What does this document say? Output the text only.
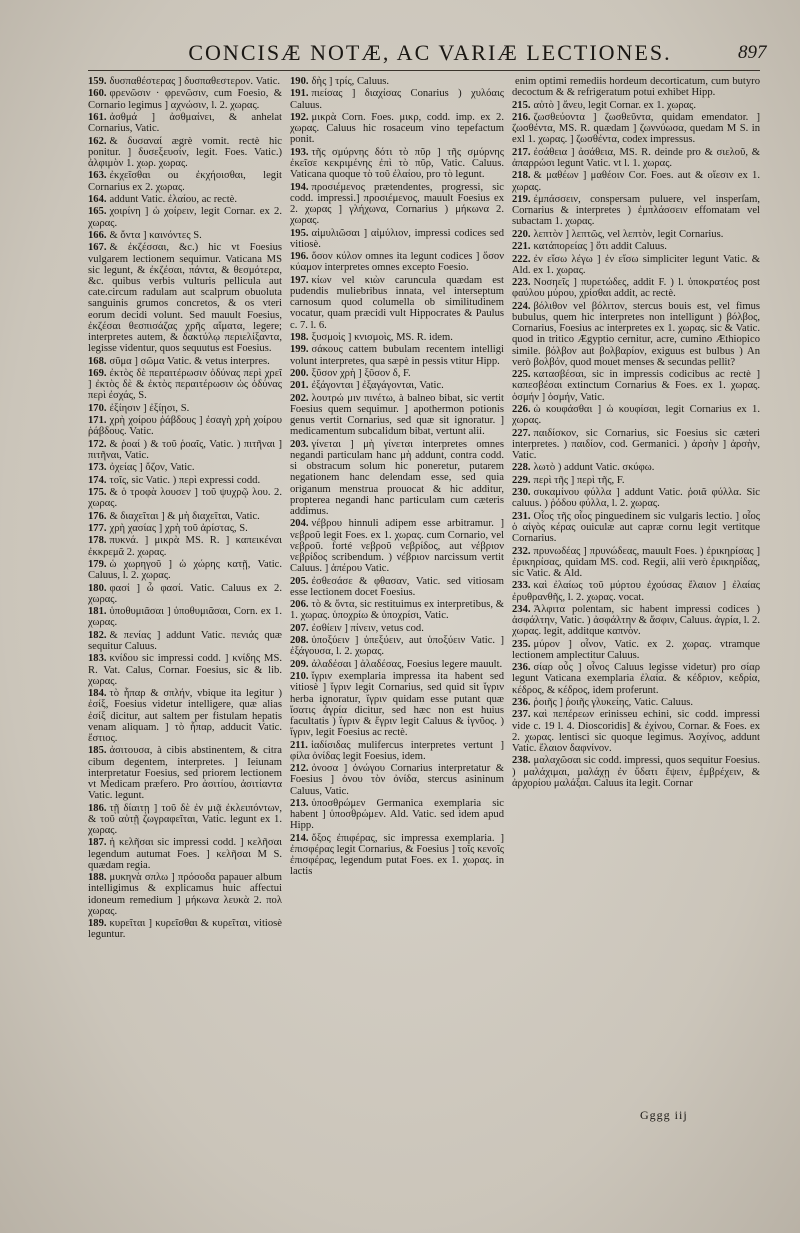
CONCISÆ NOTÆ, AC VARIÆ LECTIONES.	897

159. δυσπαθέστερας ] δυσπαθεστερον. Vatic.

160. φρενῶσιν · φρενῶσιν, cum Foesio, & Cornario legimus ] αχνώσιν, l. 2. χωρας.

161. ἀσθμά ] ἀσθμαίνει, & anhelat Cornarius, Vatic.

162. & δυσαναί ægrè vomit. rectè hic ponitur. ] δυσεξευσίν, legit. Foes. Vatic.) ἀλφιμὸν 1. χωρ. χωρας.

163. ἐκχεῖσθαι ou ἐκχήοισθαι, legit Cornarius ex 2. χωρας.

164. addunt Vatic. ἐλαίου, ac rectè.

165. χοιρίνη ] ὡ χοίρειν, legit Cornar. ex 2. χωρας.

166. & ὄντα ] καινόντες S.

167. & ἐκζέσσαι, &c.) hic vt Foesius vulgarem lectionem sequimur. Vaticana MS sic legunt, & ἐκζέσαι, πάντα, & θεσμότερα, &c. quibus verbis vulturis pellicula aut cate.circum radulam aut scalprum obuoluta sanguinis grumos concretos, & os vteri eorum decidi volunt. Sed mauult Foesius, ἐκζέσαι θεσπισάζας χρῆς αἴματα, legere; interpretes autem, & δακτύλῳ περιελίξαντα, legisse videntur, quos sequutus est Foesius.

168. σῦμα ] σῶμα Vatic. & vetus interpres.

169. ἐκτὸς δὲ περαιτέρωσιν ὀδύνας περὶ χρεῖ ] ἐκτὸς δὲ & ἐκτὸς περαιτέρωσιν ὡς ὀδύνας περὶ ἐσχάς, S.

170. ἐξίησιν ] ἐξίῃσι, S.

171. χρὴ χοίρου ῥάβδους ] ἐσαγὴ χρὴ χοίρου ῥάβδους. Vatic.

172. & ῥοαί ) & τοῦ ῥοαῖς, Vatic. ) πιτῆναι ] πιτῆναι, Vatic.

173. ὀχείας ] ὄζον, Vatic.

174. τοῖς, sic Vatic. ) περὶ expressi codd.

175. & ὁ τροφὰ λουσεν ] τοῦ ψυχρῷ λου. 2. χωρας.

176. & διαχεῖται ] & μὴ διαχεῖται, Vatic.

177. χρὴ χασίας ] χρὴ τοῦ ἀρίστας, S.

178. πυκνά. ] μικρὰ MS. R. ] καπεικέναι ἐκκρεμᾶ 2. χωρας.

179. ὡ χωρηγοῦ ] ὡ χώρης κατῇ, Vatic. Caluus, l. 2. χωρας.

180. φασί ] ὦ φασί. Vatic. Caluus ex 2. χωρας.

181. ὑποθυμιᾶσαι ] ὑποθυμιᾶσαι, Corn. ex 1. χωρας.

182. & πενίας ] addunt Vatic. πενιάς quæ sequitur Caluus.

183. κνίδου sic impressi codd. ] κνίδης MS. R. Vat. Calus, Cornar. Foesius, sic & lib. χωρας.

184. τὸ ἧπαρ & σπλήν, vbique ita legitur ) ἐσίξ, Foesius videtur intelligere, quæ alias ἐσίξ dicitur, aut saltem per fistulam hepatis venam aliquam. ] τὸ ἧπαρ, adducit Vatic. ἔστιος.

185. ἀσιτουσα, à cibis abstinentem, & citra cibum degentem, interpretes. ] Ieiunam interpretatur Foesius, sed priorem lectionem vt Medicam præfero. Pro ἀσιτίου, ἀσιτίαντα Vatic. legunt.

186. τῇ δίαιτῃ ] τοῦ δὲ ἐν μιᾷ ἐκλειπόντων, & τοῦ αὐτῇ ζωγραφεῖται, Vatic. legunt ex 1. χωρας.

187. ἡ κελῆσαι sic impressi codd. ] κελῆσαι legendum autumat Foes. ] κελῆσαι M S. quædam regia.

188. μυκηνὰ σπλω ] πρόσοδα papauer album intelligimus & explicamus huic affectui idoneum remedium ] μήκωνα λευκὰ 2. πολ χωρας.

189. κυρεῖται ] κυρεῖσθαι & κυρεῖται, vitiosè leguntur.

190. δὴς ] τρίς, Caluus.

191. πιείσας ] διαχίσας Conarius ) χυλόαις Caluus.

192. μικρὰ Corn. Foes. μικρ, codd. imp. ex 2. χωρας. Caluus hic rosaceum vino tepefactum ponit.

193. τῆς σμύρνης δότι τὸ πῦρ ] τῆς σμύρνης ἐκεῖσε κεκριμένης ἐπὶ τὸ πῦρ, Vatic. Caluus. Vaticana quoque τὸ τοῦ ἐλαίου, pro τὸ legunt.

194. προσιέμενος prætendentes, progressi, sic codd. impressi.] προσιέμενος, mauult Foesius ex 2. χωρας ] γλήχωνα, Cornarius ) μήκωνα 2. χωρας.

195. αἰμυλιῶσαι ] αἰμύλιον, impressi codices sed vitiosè.

196. ὅσον κύλον omnes ita legunt codices ] ὅσον κύαμον interpretes omnes excepto Foesio.

197. κίων vel κιὼν caruncula quædam est pudendis muliebribus innata, vel interseptum carnosum quod columella ob similitudinem vocatur, quam præcidi vult Hippocrates & Paulus c. 7. l. 6.

198. ξυσμοὶς ] κνισμοὶς, MS. R. idem.

199. σάκους cattem bubulam recentem intelligi volunt interpretes, qua sæpè in pessis vtitur Hipp.

200. ξῦσον χρὴ ] ξῦσον δ, F.

201. ἐξάγονται ] ἐξαγάγονται, Vatic.

202. λουτρώ μιν πινέτω, à balneo bibat, sic vertit Foesius quem sequimur. ] apothermon potionis genus vertit Cornarius, sed quæ sit ignoratur. ] medicamentum subcalidum bibat, vertunt alii.

203. γίνεται ] μὴ γίνεται interpretes omnes negandi particulam hanc μὴ addunt, contra codd. si obstracum solum hic poneretur, putarem negationem hanc delendam esse, sed quia origanum menstrua prouocat & hic additur, propterea negandi hanc particulam cum cæteris addimus.

204. νέβρου hinnuli adipem esse arbitramur. ] νεβροῦ legit Foes. ex 1. χωρας. cum Cornario, vel νεβροῦ. forté νεβροῦ νεβρίδος, aut νέβριον νεβρίδος scribendum. ) νέβριον narcissum vertit Caluus. ] ἀπέρου Vatic.

205. ἐσθεσάσε & φθασαν, Vatic. sed vitiosam esse lectionem docet Foesius.

206. τὸ & ὄντα, sic restituimus ex interpretibus, & 1. χωρας. ὑποχρίω & ὑποχρίσι, Vatic.

207. ἐσθίειν ] πίνειν, vetus cod.

208. ὑποξύειν ] ὑπεξύειν, aut ὑποξύειν Vatic. ] ἐξάγουσα, l. 2. χωρας.

209. ἀλαδέσαι ] ἀλαδέσας, Foesius legere mauult.

210. ἴγριν exemplaria impressa ita habent sed vitiosè ] ἴγριν legit Cornarius, sed quid sit ἴγριν herba ignoratur, ἴγριν quidam esse putant quæ ἴσατις ἀγρία dicitur, sed hæc non est huius facultatis ) ἴγριν & ἔγριν legit Caluus & ἰγνῦος. ) ἴγριν, legit Foesius ac rectè.

211. ἱαδίσιδας mulifercus interpretes vertunt ] φίλα ὀνίδας legit Foesius, idem.

212. ὀνοσα ] ὀνώγου Cornarius interpretatur & Foesius ] ὀνου τὸν ὀνίδα, stercus asininum Caluus, Vatic.

213. ὑποσθρώμεν Germanica exemplaria sic habent ] ὑποσθρώμεν. Ald. Vatic. sed idem apud Hipp.

214. ὄξος ἐπιφέρας, sic impressa exemplaria. ] ἐπισφέρας legit Cornarius, & Foesius ] τοῖς κενοῖς ἐπισφέρας, legendum putat Foes. ex 1. χωρας. in lactis

enim optimi remediis hordeum decorticatum, cum butyro decoctum & & refrigeratum potui exhibet Hipp.

215. αὐτὸ ] ἄνευ, legit Cornar. ex 1. χωρας.

216. ζωσθεύοντα ] ζωσθεῦντα, quidam emendator. ] ζωσθέντα, MS. R. quædam ] ζωννύωσα, quedam M S. in exl 1. χωρας. ] ζωσθέντα, codex impressus.

217. ἐσάθεια ] ἀσάθεια, MS. R. deinde pro & σιελοῦ, & ἀπαρρώσι legunt Vatic. vt l. 1. χωρας.

218. & μαθέων ] μαθέοιν Cor. Foes. aut & οἴεσιν ex 1. χωρας.

219. ἐμπάσσειν, conspersam puluere, vel insperſam, Cornarius & interpretes ) ἐμπλάσσειν effomatam vel subactam 1. χωρας.

220. λεπτὸν ] λεπτῶς, vel λεπτὸν, legit Cornarius.

221. κατάπορείας ] ὅτι addit Caluus.

222. ἐν εἴσω λέγω ] ἐν εἴσω simpliciter legunt Vatic. & Ald. ex 1. χωρας.

223. Νοσηεῖς ] πυρετώδες, addit F. ) l. ὑποκρατέος post φαύλου μύρου, χρίσθαι addit, ac rectè.

224. βόλιθον vel βόλιτον, stercus bouis est, vel fimus bubulus, quem hic interpretes non intelligunt ) βόλβος, Cornarius, Foesius ac interpretes ex 1. χωρας. sic & Vatic. quod in tritico Ægyptio cernitur, acre, cumino Æthiopico simile. βόλβον aut βολβαρίον, exiguus est bulbus ) An verò βολβόν, quod mouet menses & secundas pellit?

225. κατασβέσαι, sic in impressis codicibus ac rectè ] καπεσβέσαι extinctum Cornarius & Foes. ex 1. χωρας. ὀσμήν ] ὀσμήν, Vatic.

226. ὡ κουφάσθαι ] ὡ κουφίσαι, legit Cornarius ex 1. χωρας.

227. παιδίσκον, sic Cornarius, sic Foesius sic cæteri interpretes. ) παιδίον, cod. Germanici. ) ἀρσὴν ] ἀρσὴν, Vatic.

228. λωτὸ ) addunt Vatic. σκύφω.

229. περὶ τῆς ] περὶ τῆς, F.

230. συκαμίνου φύλλα ] addunt Vatic. ῥοιᾶ φύλλα. Sic caluus. ) ῥόδου φύλλα, l. 2. χωρας.

231. Οἶος τῆς οἶος pinguedinem sic vulgaris lectio. ] οἶος ὁ αἰγὸς κέρας ouiculæ aut capræ cornu legit vertitque Cornarius.

232. πρυνωδέας ] πρυνώδεας, mauult Foes. ) ἐρικηρίσας ] ἐρικηρίσας, quidam MS. cod. Regii, alii verò ἐρικηρίδας, sic Vatic. & Ald.

233. καὶ ἐλαίως τοῦ μύρτου ἐχούσας ἔλαιον ] ἐλαίας ἐρυθρανθῆς, l. 2. χωρας. vocat.

234. Ἀλφιτα polentam, sic habent impressi codices ) ἀσφάλτην, Vatic. ) ἀσφάλτην & ἄσφιν, Caluus. ἀγρία, l. 2. χωρας. legit, additque καπνὸν.

235. μύρον ] οἶνον, Vatic. ex 2. χωρας. vtramque lectionem amplectitur Caluus.

236. σίαρ οὖς ] οἶνος Caluus legisse videtur) pro σίαρ legunt Vaticana exemplaria ἐλαία. & κέδριον, κεδρία, κέδρος, & κέδρος, idem proferunt.

236. ῥοιῆς ] ῥοιῆς γλυκείης, Vatic. Caluus.

237. καὶ πεπέρεων erinisseu echini, sic codd. impressi vide c. 19 l. 4. Dioscoridis] & ἐχίνου, Cornar. & Foes. ex 2. χωρας. lentisci sic quoque legimus. Ἀσχίνος, addunt Vatic. ἔλαιον δαφνίνον.

238. μαλαχῶσαι sic codd. impressi, quos sequitur Foesius. ) μαλάχιμαι, μαλάχῃ ἐν ὕδατι ἕψειν, ἐμβρέχειν, & ἀρχορίου μαλάξαι. Caluus ita legit. Cornar

Gggg iij
